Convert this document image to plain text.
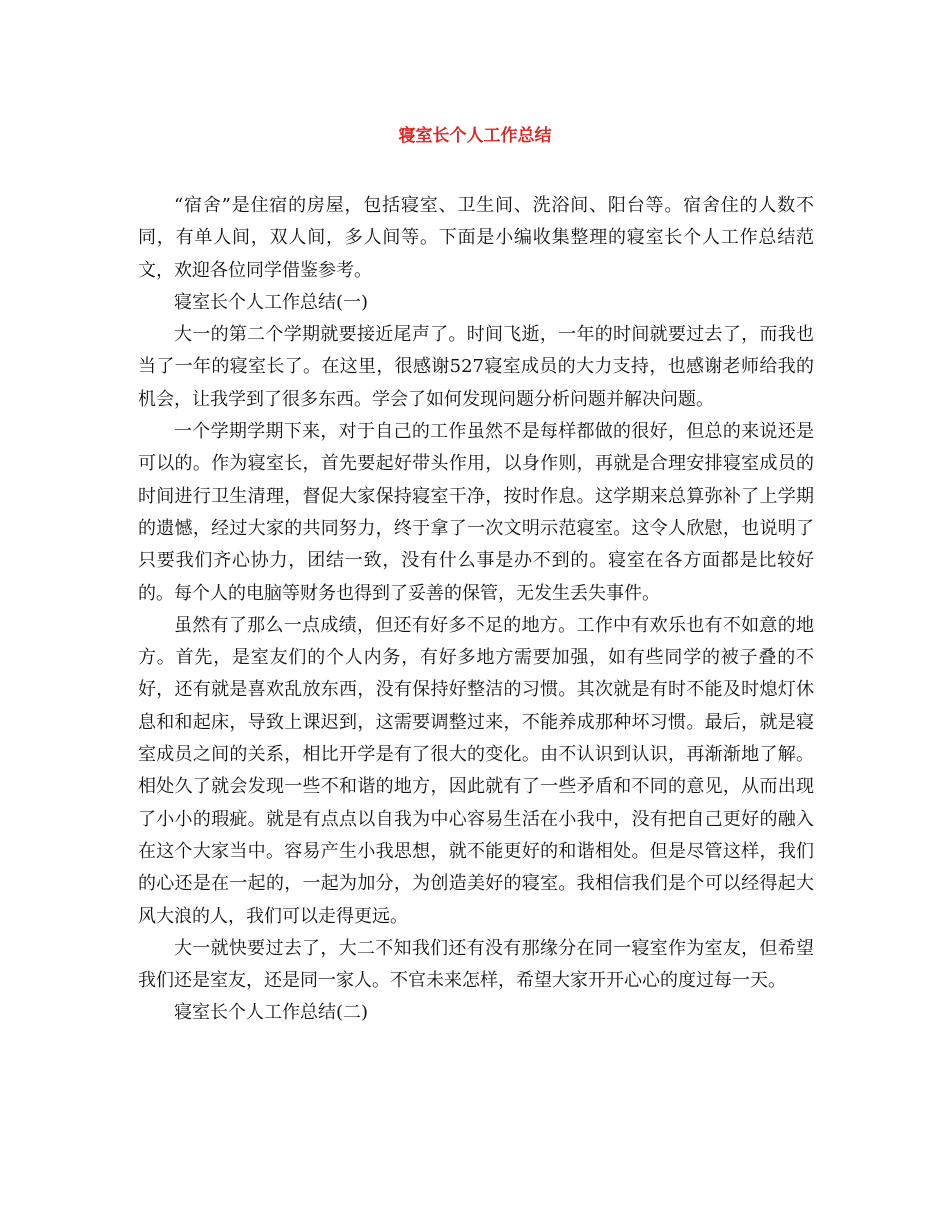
寝室长个人工作总结

“宿舍”是住宿的房屋，包括寝室、卫生间、洗浴间、阳台等。宿舍住的人数不同，有单人间，双人间，多人间等。下面是小编收集整理的寝室长个人工作总结范文，欢迎各位同学借鉴参考。

寝室长个人工作总结(一)

大一的第二个学期就要接近尾声了。时间飞逝，一年的时间就要过去了，而我也当了一年的寝室长了。在这里，很感谢527寝室成员的大力支持，也感谢老师给我的机会，让我学到了很多东西。学会了如何发现问题分析问题并解决问题。

一个学期学期下来，对于自己的工作虽然不是每样都做的很好，但总的来说还是可以的。作为寝室长，首先要起好带头作用，以身作则，再就是合理安排寝室成员的时间进行卫生清理，督促大家保持寝室干净，按时作息。这学期来总算弥补了上学期的遗憾，经过大家的共同努力，终于拿了一次文明示范寝室。这令人欣慰，也说明了只要我们齐心协力，团结一致，没有什么事是办不到的。寝室在各方面都是比较好的。每个人的电脑等财务也得到了妥善的保管，无发生丢失事件。

虽然有了那么一点成绩，但还有好多不足的地方。工作中有欢乐也有不如意的地方。首先，是室友们的个人内务，有好多地方需要加强，如有些同学的被子叠的不好，还有就是喜欢乱放东西，没有保持好整洁的习惯。其次就是有时不能及时熄灯休息和和起床，导致上课迟到，这需要调整过来，不能养成那种坏习惯。最后，就是寝室成员之间的关系，相比开学是有了很大的变化。由不认识到认识，再渐渐地了解。相处久了就会发现一些不和谐的地方，因此就有了一些矛盾和不同的意见，从而出现了小小的瑕疵。就是有点点以自我为中心容易生活在小我中，没有把自己更好的融入在这个大家当中。容易产生小我思想，就不能更好的和谐相处。但是尽管这样，我们的心还是在一起的，一起为加分，为创造美好的寝室。我相信我们是个可以经得起大风大浪的人，我们可以走得更远。

大一就快要过去了，大二不知我们还有没有那缘分在同一寝室作为室友，但希望我们还是室友，还是同一家人。不官未来怎样，希望大家开开心心的度过每一天。

寝室长个人工作总结(二)
